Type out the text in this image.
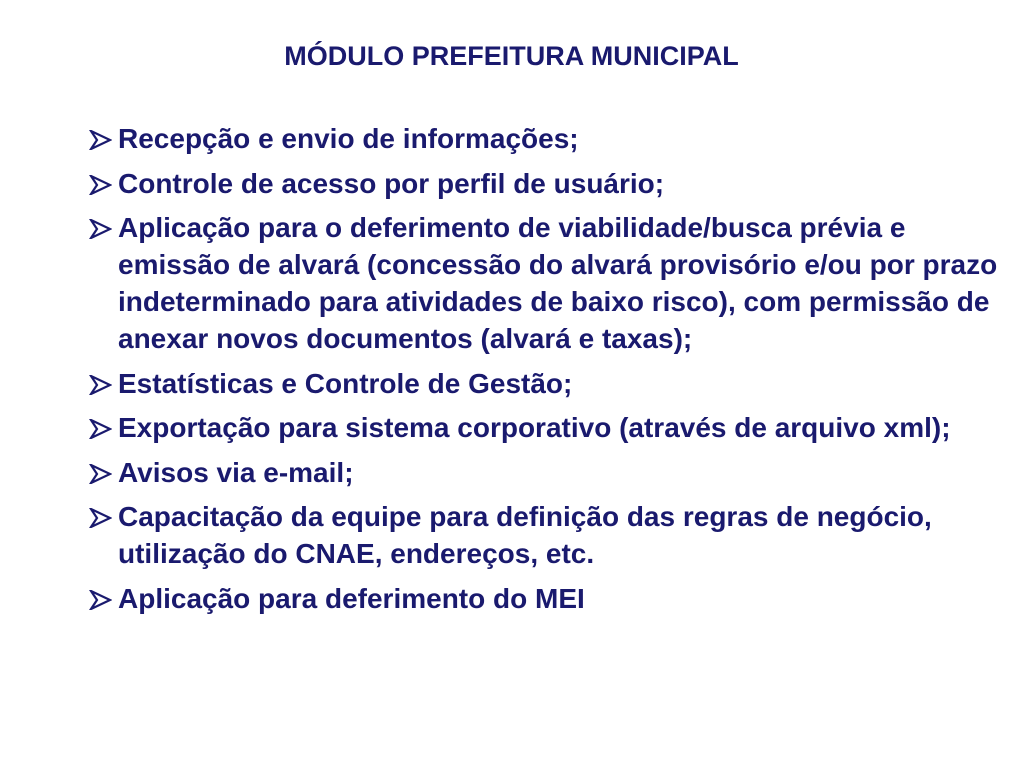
MÓDULO PREFEITURA MUNICIPAL
Recepção e envio de informações;
Controle de acesso por perfil de usuário;
Aplicação para o deferimento de viabilidade/busca prévia e emissão de alvará (concessão do alvará provisório e/ou por prazo indeterminado para atividades de baixo risco), com permissão de anexar novos documentos (alvará e taxas);
Estatísticas e Controle de Gestão;
Exportação para sistema corporativo (através de arquivo xml);
Avisos via e-mail;
Capacitação da equipe para definição das regras de negócio, utilização do CNAE, endereços, etc.
Aplicação para deferimento do MEI
